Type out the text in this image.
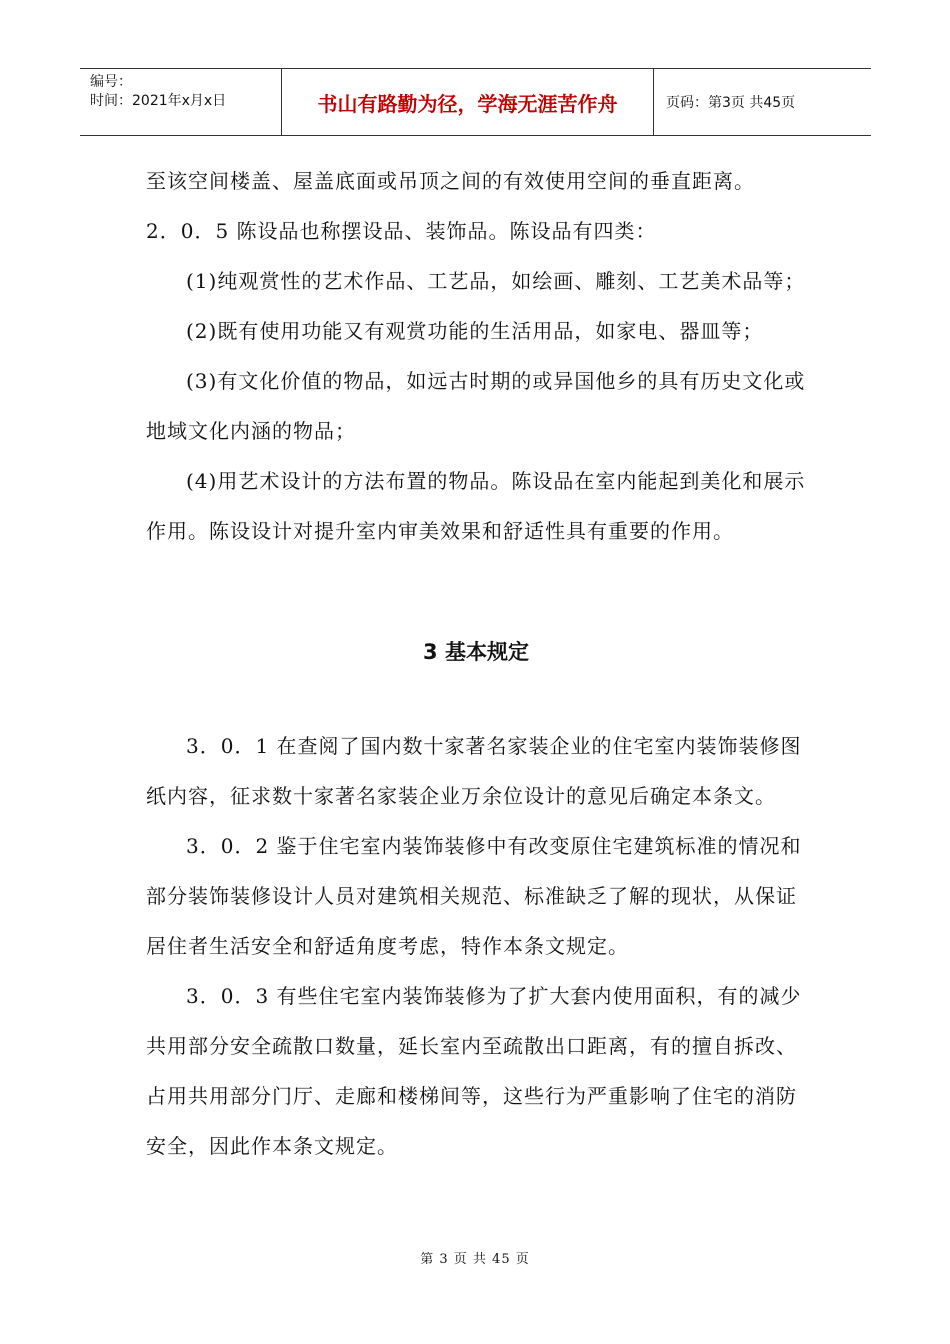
编号：
时间：2021年x月x日	书山有路勤为径，学海无涯苦作舟	页码：第3页 共45页

至该空间楼盖、屋盖底面或吊顶之间的有效使用空间的垂直距离。

2．0．5 陈设品也称摆设品、装饰品。陈设品有四类：

(1)纯观赏性的艺术作品、工艺品，如绘画、雕刻、工艺美术品等；

(2)既有使用功能又有观赏功能的生活用品，如家电、器皿等；

(3)有文化价值的物品，如远古时期的或异国他乡的具有历史文化或地域文化内涵的物品；

(4)用艺术设计的方法布置的物品。陈设品在室内能起到美化和展示作用。陈设设计对提升室内审美效果和舒适性具有重要的作用。

3 基本规定

3．0．1 在查阅了国内数十家著名家装企业的住宅室内装饰装修图纸内容，征求数十家著名家装企业万余位设计的意见后确定本条文。

3．0．2 鉴于住宅室内装饰装修中有改变原住宅建筑标准的情况和部分装饰装修设计人员对建筑相关规范、标准缺乏了解的现状，从保证居住者生活安全和舒适角度考虑，特作本条文规定。

3．0．3 有些住宅室内装饰装修为了扩大套内使用面积，有的减少共用部分安全疏散口数量，延长室内至疏散出口距离，有的擅自拆改、占用共用部分门厅、走廊和楼梯间等，这些行为严重影响了住宅的消防安全，因此作本条文规定。

第 3 页 共 45 页
